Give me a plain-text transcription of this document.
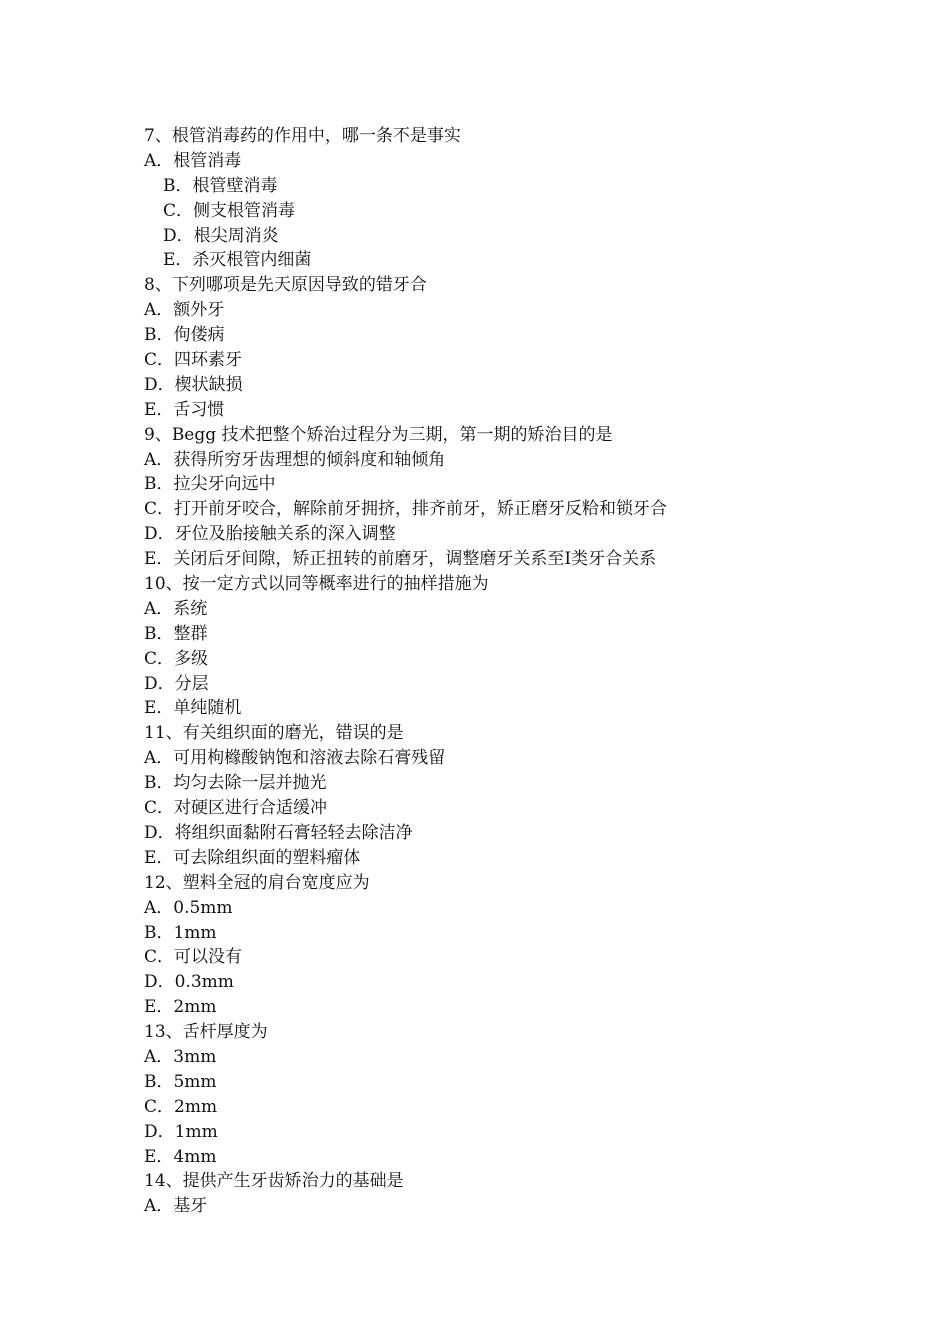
7、根管消毒药的作用中，哪一条不是事实
A．根管消毒
B．根管壁消毒
C．侧支根管消毒
D．根尖周消炎
E．杀灭根管内细菌
8、下列哪项是先天原因导致的错牙合
A．额外牙
B．佝偻病
C．四环素牙
D．楔状缺损
E．舌习惯
9、Begg 技术把整个矫治过程分为三期，第一期的矫治目的是
A．获得所穷牙齿理想的倾斜度和轴倾角
B．拉尖牙向远中
C．打开前牙咬合，解除前牙拥挤，排齐前牙，矫正磨牙反粭和锁牙合
D．牙位及胎接触关系的深入调整
E．关闭后牙间隙，矫正扭转的前磨牙，调整磨牙关系至Ⅰ类牙合关系
10、按一定方式以同等概率进行的抽样措施为
A．系统
B．整群
C．多级
D．分层
E．单纯随机
11、有关组织面的磨光，错误的是
A．可用枸橼酸钠饱和溶液去除石膏残留
B．均匀去除一层并抛光
C．对硬区进行合适缓冲
D．将组织面黏附石膏轻轻去除洁净
E．可去除组织面的塑料瘤体
12、塑料全冠的肩台宽度应为
A．0.5mm
B．1mm
C．可以没有
D．0.3mm
E．2mm
13、舌杆厚度为
A．3mm
B．5mm
C．2mm
D．1mm
E．4mm
14、提供产生牙齿矫治力的基础是
A．基牙
